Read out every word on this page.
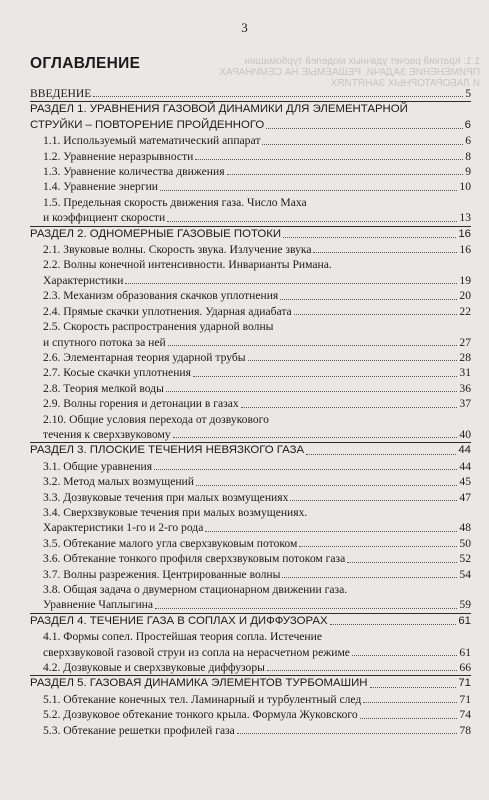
3
1.1. Краткий расчет удачных моделей турбомашин
ПРИМЕНЕНИЕ ЗАДАЧИ, РЕШАЕМЫЕ НА СЕМИНАРАХ
И ЛАБОРАТОРНЫХ ЗАНЯТИЯХ
ОГЛАВЛЕНИЕ
ВВЕДЕНИЕ	5
РАЗДЕЛ 1. УРАВНЕНИЯ ГАЗОВОЙ ДИНАМИКИ ДЛЯ ЭЛЕМЕНТАРНОЙ
СТРУЙКИ – ПОВТОРЕНИЕ ПРОЙДЕННОГО	6
1.1. Используемый математический аппарат	6
1.2. Уравнение неразрывности	8
1.3. Уравнение количества движения	9
1.4. Уравнение энергии	10
1.5. Предельная скорость движения газа. Число Маха
и коэффициент скорости	13
РАЗДЕЛ 2. ОДНОМЕРНЫЕ ГАЗОВЫЕ ПОТОКИ	16
2.1. Звуковые волны. Скорость звука. Излучение звука	16
2.2. Волны конечной интенсивности. Инварианты Римана.
Характеристики	19
2.3. Механизм образования скачков уплотнения	20
2.4. Прямые скачки уплотнения. Ударная адиабата	22
2.5. Скорость распространения ударной волны
и спутного потока за ней	27
2.6. Элементарная теория ударной трубы	28
2.7. Косые скачки уплотнения	31
2.8. Теория мелкой воды	36
2.9. Волны горения и детонации в газах	37
2.10. Общие условия перехода от дозвукового
течения к сверхзвуковому	40
РАЗДЕЛ 3. ПЛОСКИЕ ТЕЧЕНИЯ НЕВЯЗКОГО ГАЗА	44
3.1. Общие уравнения	44
3.2. Метод малых возмущений	45
3.3. Дозвуковые течения при малых возмущениях	47
3.4. Сверхзвуковые течения при малых возмущениях.
Характеристики 1-го и 2-го рода	48
3.5. Обтекание малого угла сверхзвуковым потоком	50
3.6. Обтекание тонкого профиля сверхзвуковым потоком газа	52
3.7. Волны разрежения. Центрированные волны	54
3.8. Общая задача о двумерном стационарном движении газа.
Уравнение Чаплыгина	59
РАЗДЕЛ 4. ТЕЧЕНИЕ ГАЗА В СОПЛАХ И ДИФФУЗОРАХ	61
4.1. Формы сопел. Простейшая теория сопла. Истечение
сверхзвуковой газовой струи из сопла на нерасчетном режиме	61
4.2. Дозвуковые и сверхзвуковые диффузоры	66
РАЗДЕЛ 5. ГАЗОВАЯ ДИНАМИКА ЭЛЕМЕНТОВ ТУРБОМАШИН	71
5.1. Обтекание конечных тел. Ламинарный и турбулентный след	71
5.2. Дозвуковое обтекание тонкого крыла. Формула Жуковского	74
5.3. Обтекание решетки профилей газа	78
